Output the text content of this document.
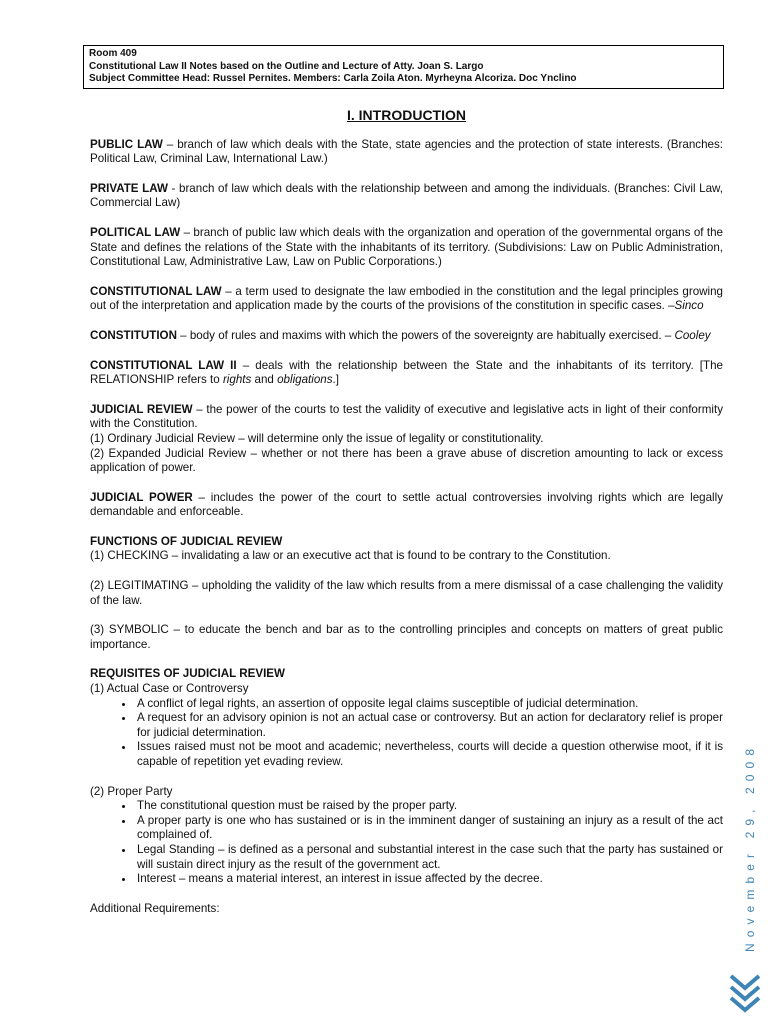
Room 409
Constitutional Law II Notes based on the Outline and Lecture of Atty. Joan S. Largo
Subject Committee Head: Russel Pernites. Members: Carla Zoila Aton. Myrheyna Alcoriza. Doc Ynclino
I. INTRODUCTION

PUBLIC LAW – branch of law which deals with the State, state agencies and the protection of state interests. (Branches: Political Law, Criminal Law, International Law.)

PRIVATE LAW - branch of law which deals with the relationship between and among the individuals. (Branches: Civil Law, Commercial Law)

POLITICAL LAW – branch of public law which deals with the organization and operation of the governmental organs of the State and defines the relations of the State with the inhabitants of its territory. (Subdivisions: Law on Public Administration, Constitutional Law, Administrative Law, Law on Public Corporations.)

CONSTITUTIONAL LAW – a term used to designate the law embodied in the constitution and the legal principles growing out of the interpretation and application made by the courts of the provisions of the constitution in specific cases. –Sinco

CONSTITUTION – body of rules and maxims with which the powers of the sovereignty are habitually exercised. – Cooley

CONSTITUTIONAL LAW II – deals with the relationship between the State and the inhabitants of its territory. [The RELATIONSHIP refers to rights and obligations.]

JUDICIAL REVIEW – the power of the courts to test the validity of executive and legislative acts in light of their conformity with the Constitution.
(1) Ordinary Judicial Review – will determine only the issue of legality or constitutionality.
(2) Expanded Judicial Review – whether or not there has been a grave abuse of discretion amounting to lack or excess application of power.

JUDICIAL POWER – includes the power of the court to settle actual controversies involving rights which are legally demandable and enforceable.

FUNCTIONS OF JUDICIAL REVIEW
(1) CHECKING – invalidating a law or an executive act that is found to be contrary to the Constitution.

(2) LEGITIMATING – upholding the validity of the law which results from a mere dismissal of a case challenging the validity of the law.

(3) SYMBOLIC – to educate the bench and bar as to the controlling principles and concepts on matters of great public importance.

REQUISITES OF JUDICIAL REVIEW
(1) Actual Case or Controversy

• A conflict of legal rights, an assertion of opposite legal claims susceptible of judicial determination.
• A request for an advisory opinion is not an actual case or controversy. But an action for declaratory relief is proper for judicial determination.
• Issues raised must not be moot and academic; nevertheless, courts will decide a question otherwise moot, if it is capable of repetition yet evading review.

(2) Proper Party

• The constitutional question must be raised by the proper party.
• A proper party is one who has sustained or is in the imminent danger of sustaining an injury as a result of the act complained of.
• Legal Standing – is defined as a personal and substantial interest in the case such that the party has sustained or will sustain direct injury as the result of the government act.
• Interest – means a material interest, an interest in issue affected by the decree.

Additional Requirements:	November 29, 2008
